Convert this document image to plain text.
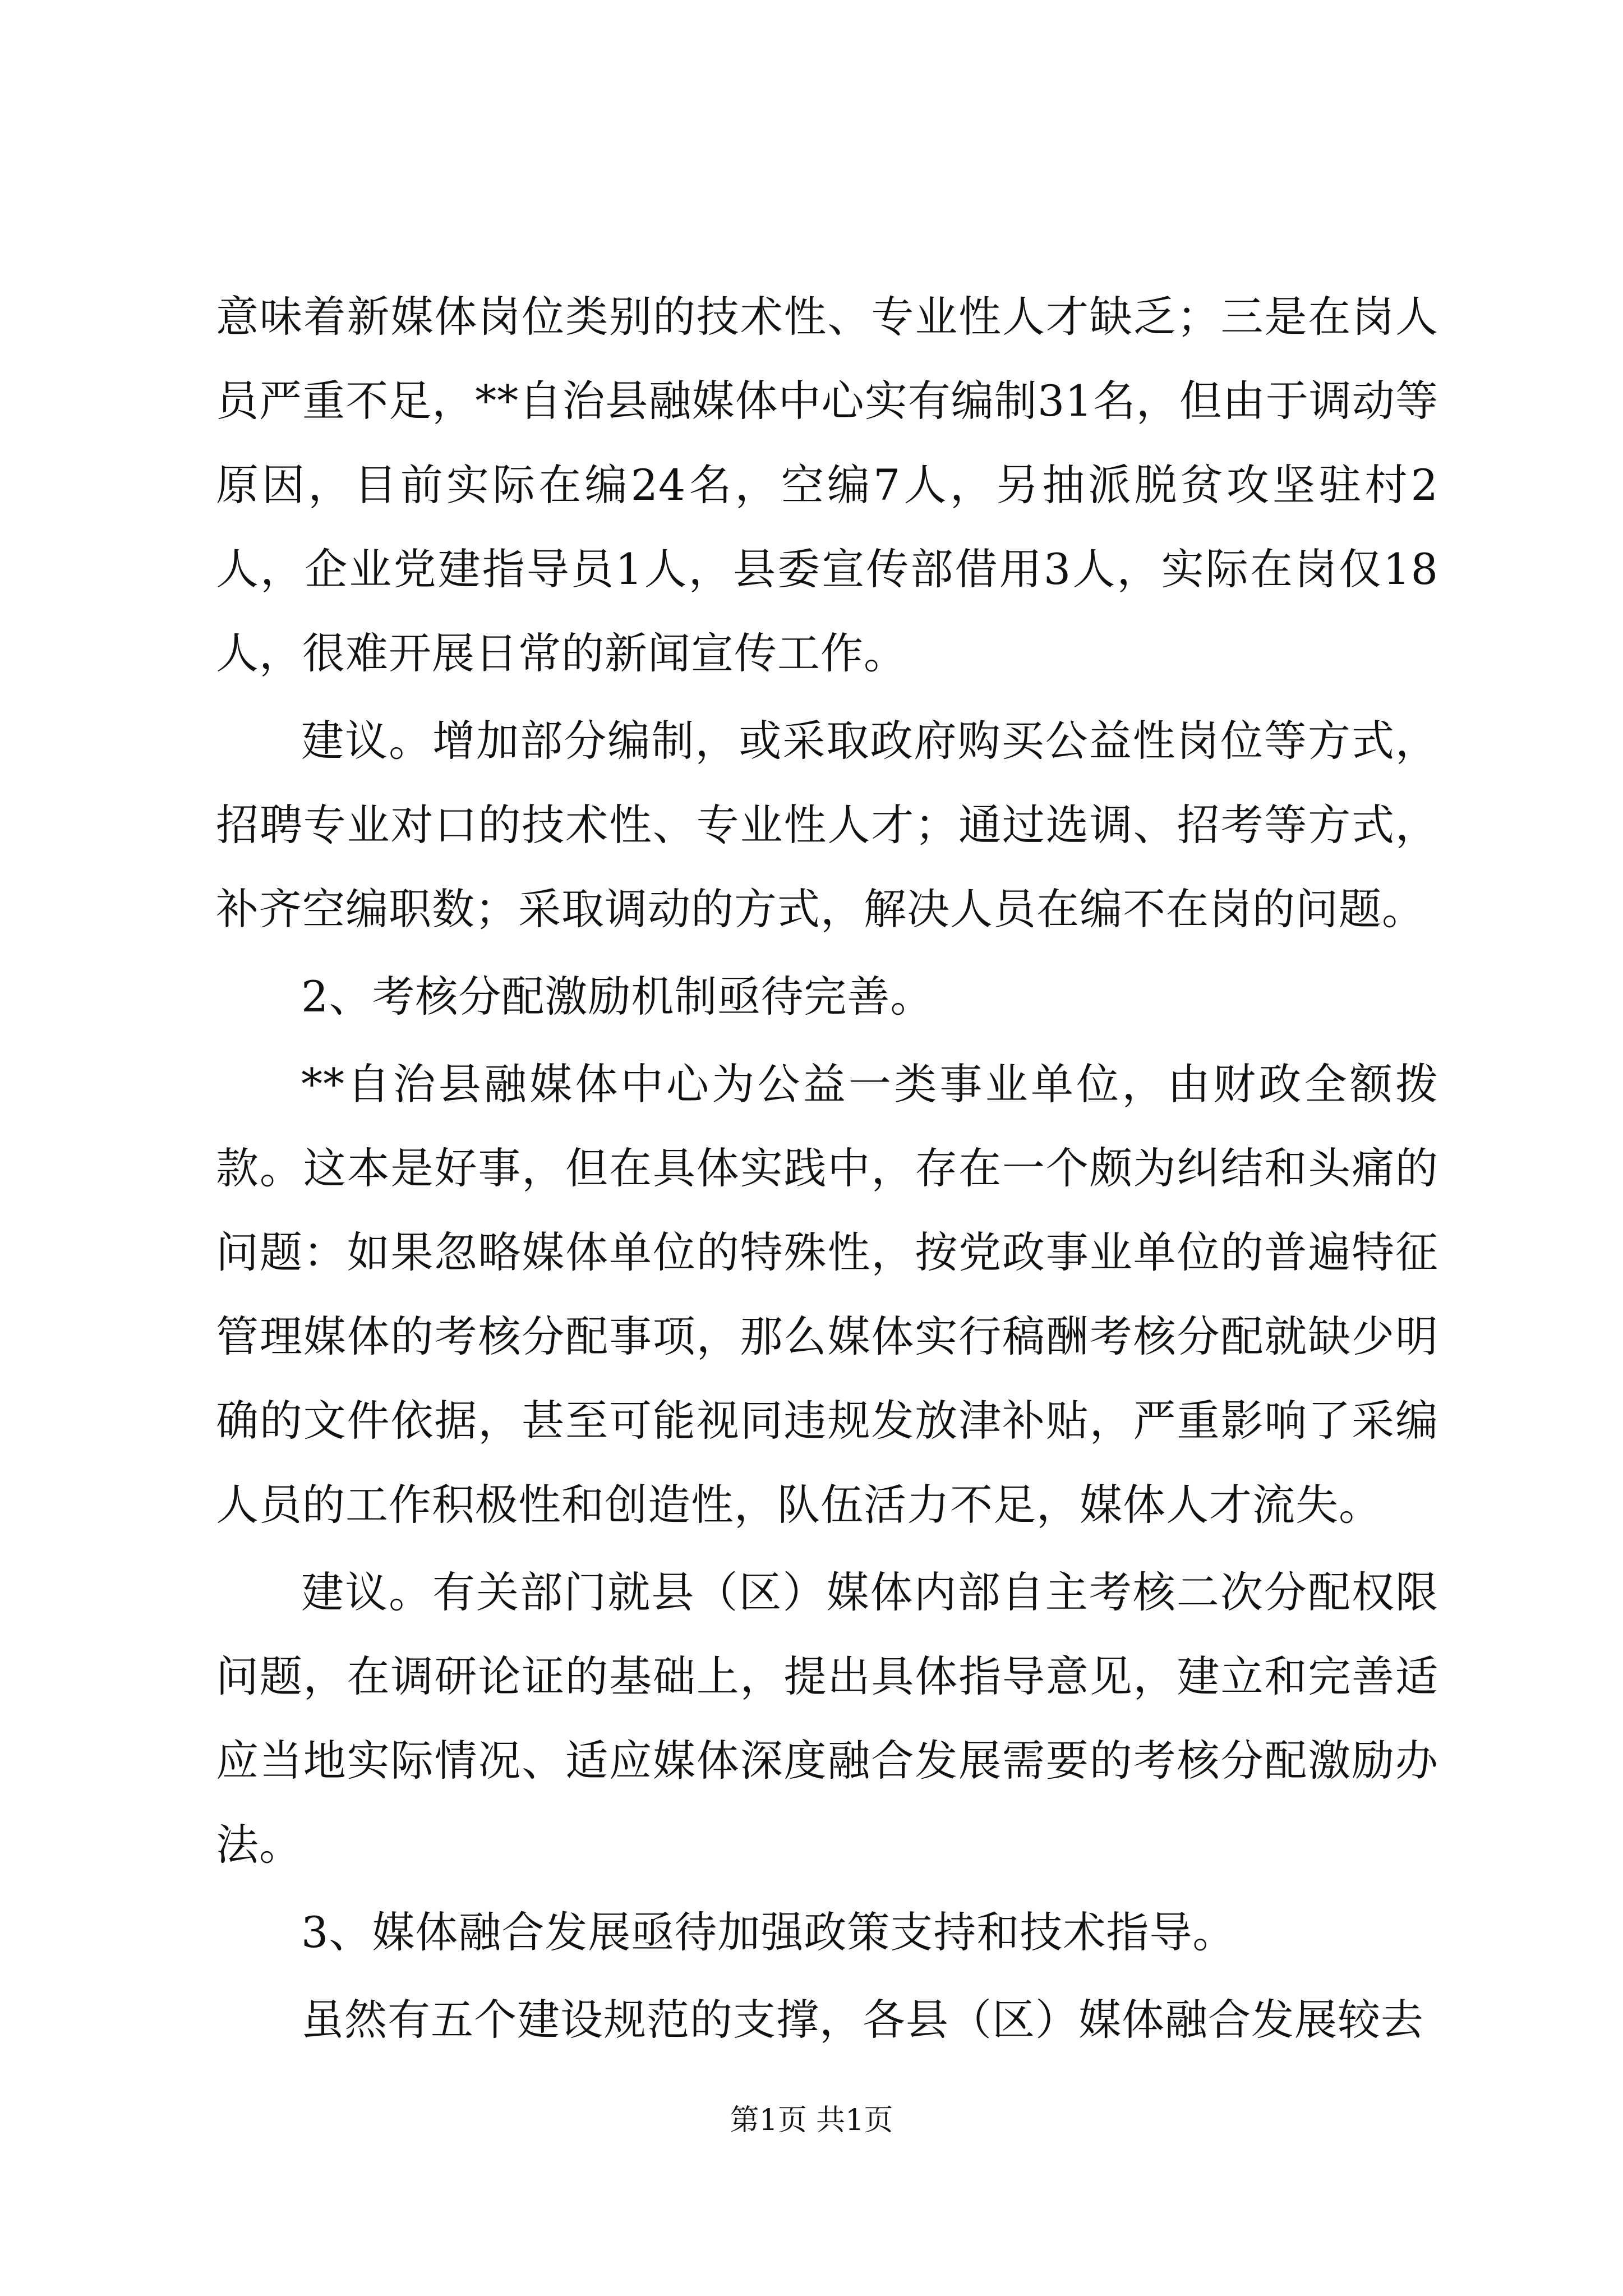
意味着新媒体岗位类别的技术性、专业性人才缺乏；三是在岗人员严重不足，**自治县融媒体中心实有编制31名，但由于调动等原因，目前实际在编24名，空编7人，另抽派脱贫攻坚驻村2人，企业党建指导员1人，县委宣传部借用3人，实际在岗仅18人，很难开展日常的新闻宣传工作。

建议。增加部分编制，或采取政府购买公益性岗位等方式，招聘专业对口的技术性、专业性人才；通过选调、招考等方式，补齐空编职数；采取调动的方式，解决人员在编不在岗的问题。

2、考核分配激励机制亟待完善。

**自治县融媒体中心为公益一类事业单位，由财政全额拨款。这本是好事，但在具体实践中，存在一个颇为纠结和头痛的问题：如果忽略媒体单位的特殊性，按党政事业单位的普遍特征管理媒体的考核分配事项，那么媒体实行稿酬考核分配就缺少明确的文件依据，甚至可能视同违规发放津补贴，严重影响了采编人员的工作积极性和创造性，队伍活力不足，媒体人才流失。

建议。有关部门就县（区）媒体内部自主考核二次分配权限问题，在调研论证的基础上，提出具体指导意见，建立和完善适应当地实际情况、适应媒体深度融合发展需要的考核分配激励办法。

3、媒体融合发展亟待加强政策支持和技术指导。

虽然有五个建设规范的支撑，各县（区）媒体融合发展较去

第1页 共1页
